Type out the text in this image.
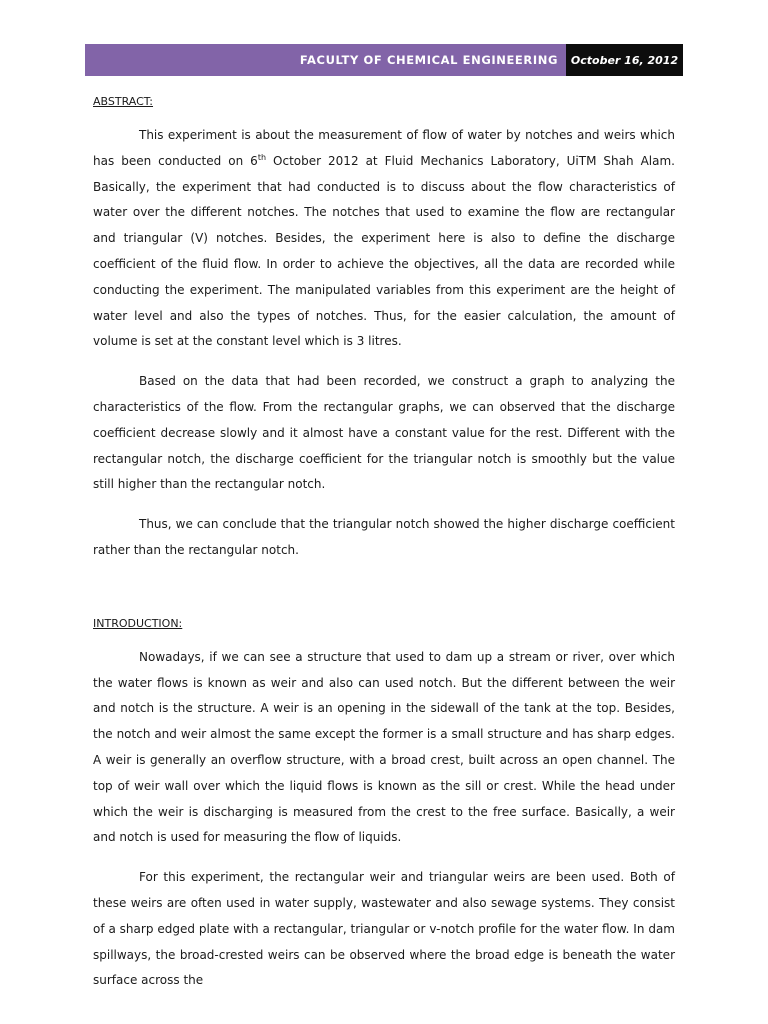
FACULTY OF CHEMICAL ENGINEERING	October 16, 2012
ABSTRACT:

This experiment is about the measurement of flow of water by notches and weirs which has been conducted on 6th October 2012 at Fluid Mechanics Laboratory, UiTM Shah Alam. Basically, the experiment that had conducted is to discuss about the flow characteristics of water over the different notches. The notches that used to examine the flow are rectangular and triangular (V) notches. Besides, the experiment here is also to define the discharge coefficient of the fluid flow. In order to achieve the objectives, all the data are recorded while conducting the experiment. The manipulated variables from this experiment are the height of water level and also the types of notches. Thus, for the easier calculation, the amount of volume is set at the constant level which is 3 litres.

Based on the data that had been recorded, we construct a graph to analyzing the characteristics of the flow. From the rectangular graphs, we can observed that the discharge coefficient decrease slowly and it almost have a constant value for the rest. Different with the rectangular notch, the discharge coefficient for the triangular notch is smoothly but the value still higher than the rectangular notch.

Thus, we can conclude that the triangular notch showed the higher discharge coefficient rather than the rectangular notch.

INTRODUCTION:

Nowadays, if we can see a structure that used to dam up a stream or river, over which the water flows is known as weir and also can used notch. But the different between the weir and notch is the structure. A weir is an opening in the sidewall of the tank at the top. Besides, the notch and weir almost the same except the former is a small structure and has sharp edges. A weir is generally an overflow structure, with a broad crest, built across an open channel. The top of weir wall over which the liquid flows is known as the sill or crest. While the head under which the weir is discharging is measured from the crest to the free surface. Basically, a weir and notch is used for measuring the flow of liquids.

For this experiment, the rectangular weir and triangular weirs are been used. Both of these weirs are often used in water supply, wastewater and also sewage systems. They consist of a sharp edged plate with a rectangular, triangular or v-notch profile for the water flow. In dam spillways, the broad-crested weirs can be observed where the broad edge is beneath the water surface across the
